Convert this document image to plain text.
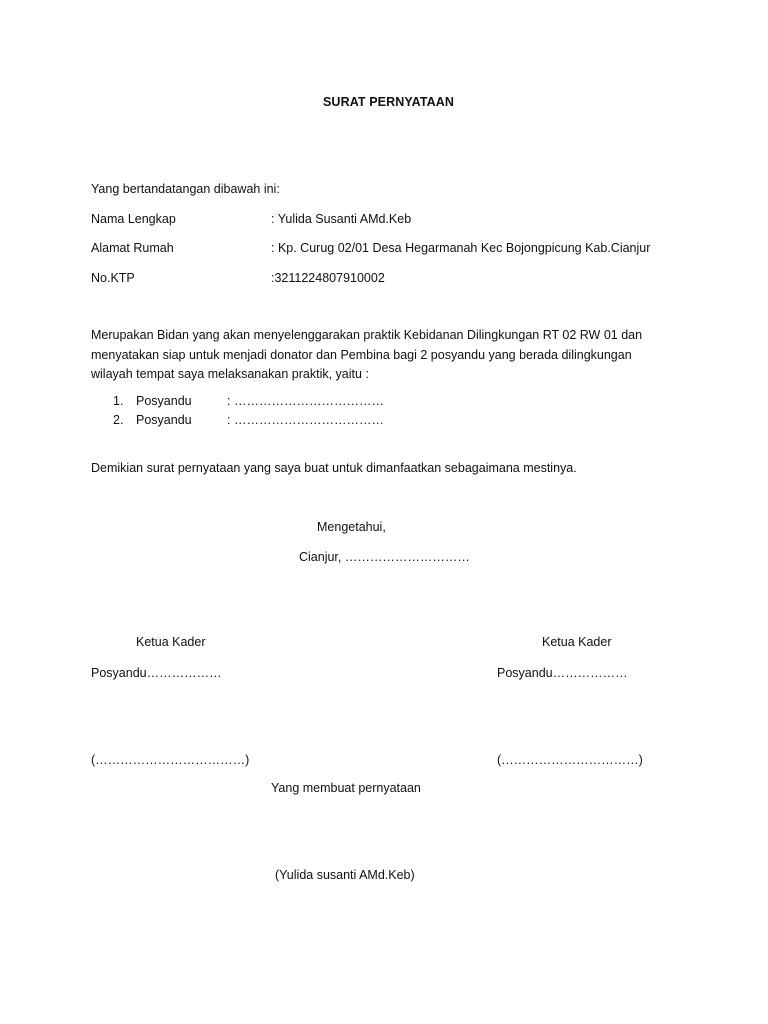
SURAT PERNYATAAN
Yang bertandatangan dibawah ini:
Nama Lengkap	: Yulida Susanti AMd.Keb
Alamat Rumah	: Kp. Curug 02/01 Desa Hegarmanah Kec Bojongpicung Kab.Cianjur
No.KTP	:3211224807910002
Merupakan Bidan yang akan menyelenggarakan praktik Kebidanan Dilingkungan RT 02 RW 01 dan
menyatakan siap untuk menjadi donator dan Pembina bagi 2 posyandu yang berada dilingkungan
wilayah tempat saya melaksanakan praktik, yaitu :
1. Posyandu	: ………………………………
2. Posyandu	: ………………………………
Demikian surat pernyataan yang saya buat untuk dimanfaatkan sebagaimana mestinya.
Mengetahui,
Cianjur, …………………………
Ketua Kader
Posyandu………………
(………………………………)
Ketua Kader
Posyandu………………
(……………………………)
Yang membuat pernyataan
(Yulida susanti AMd.Keb)
